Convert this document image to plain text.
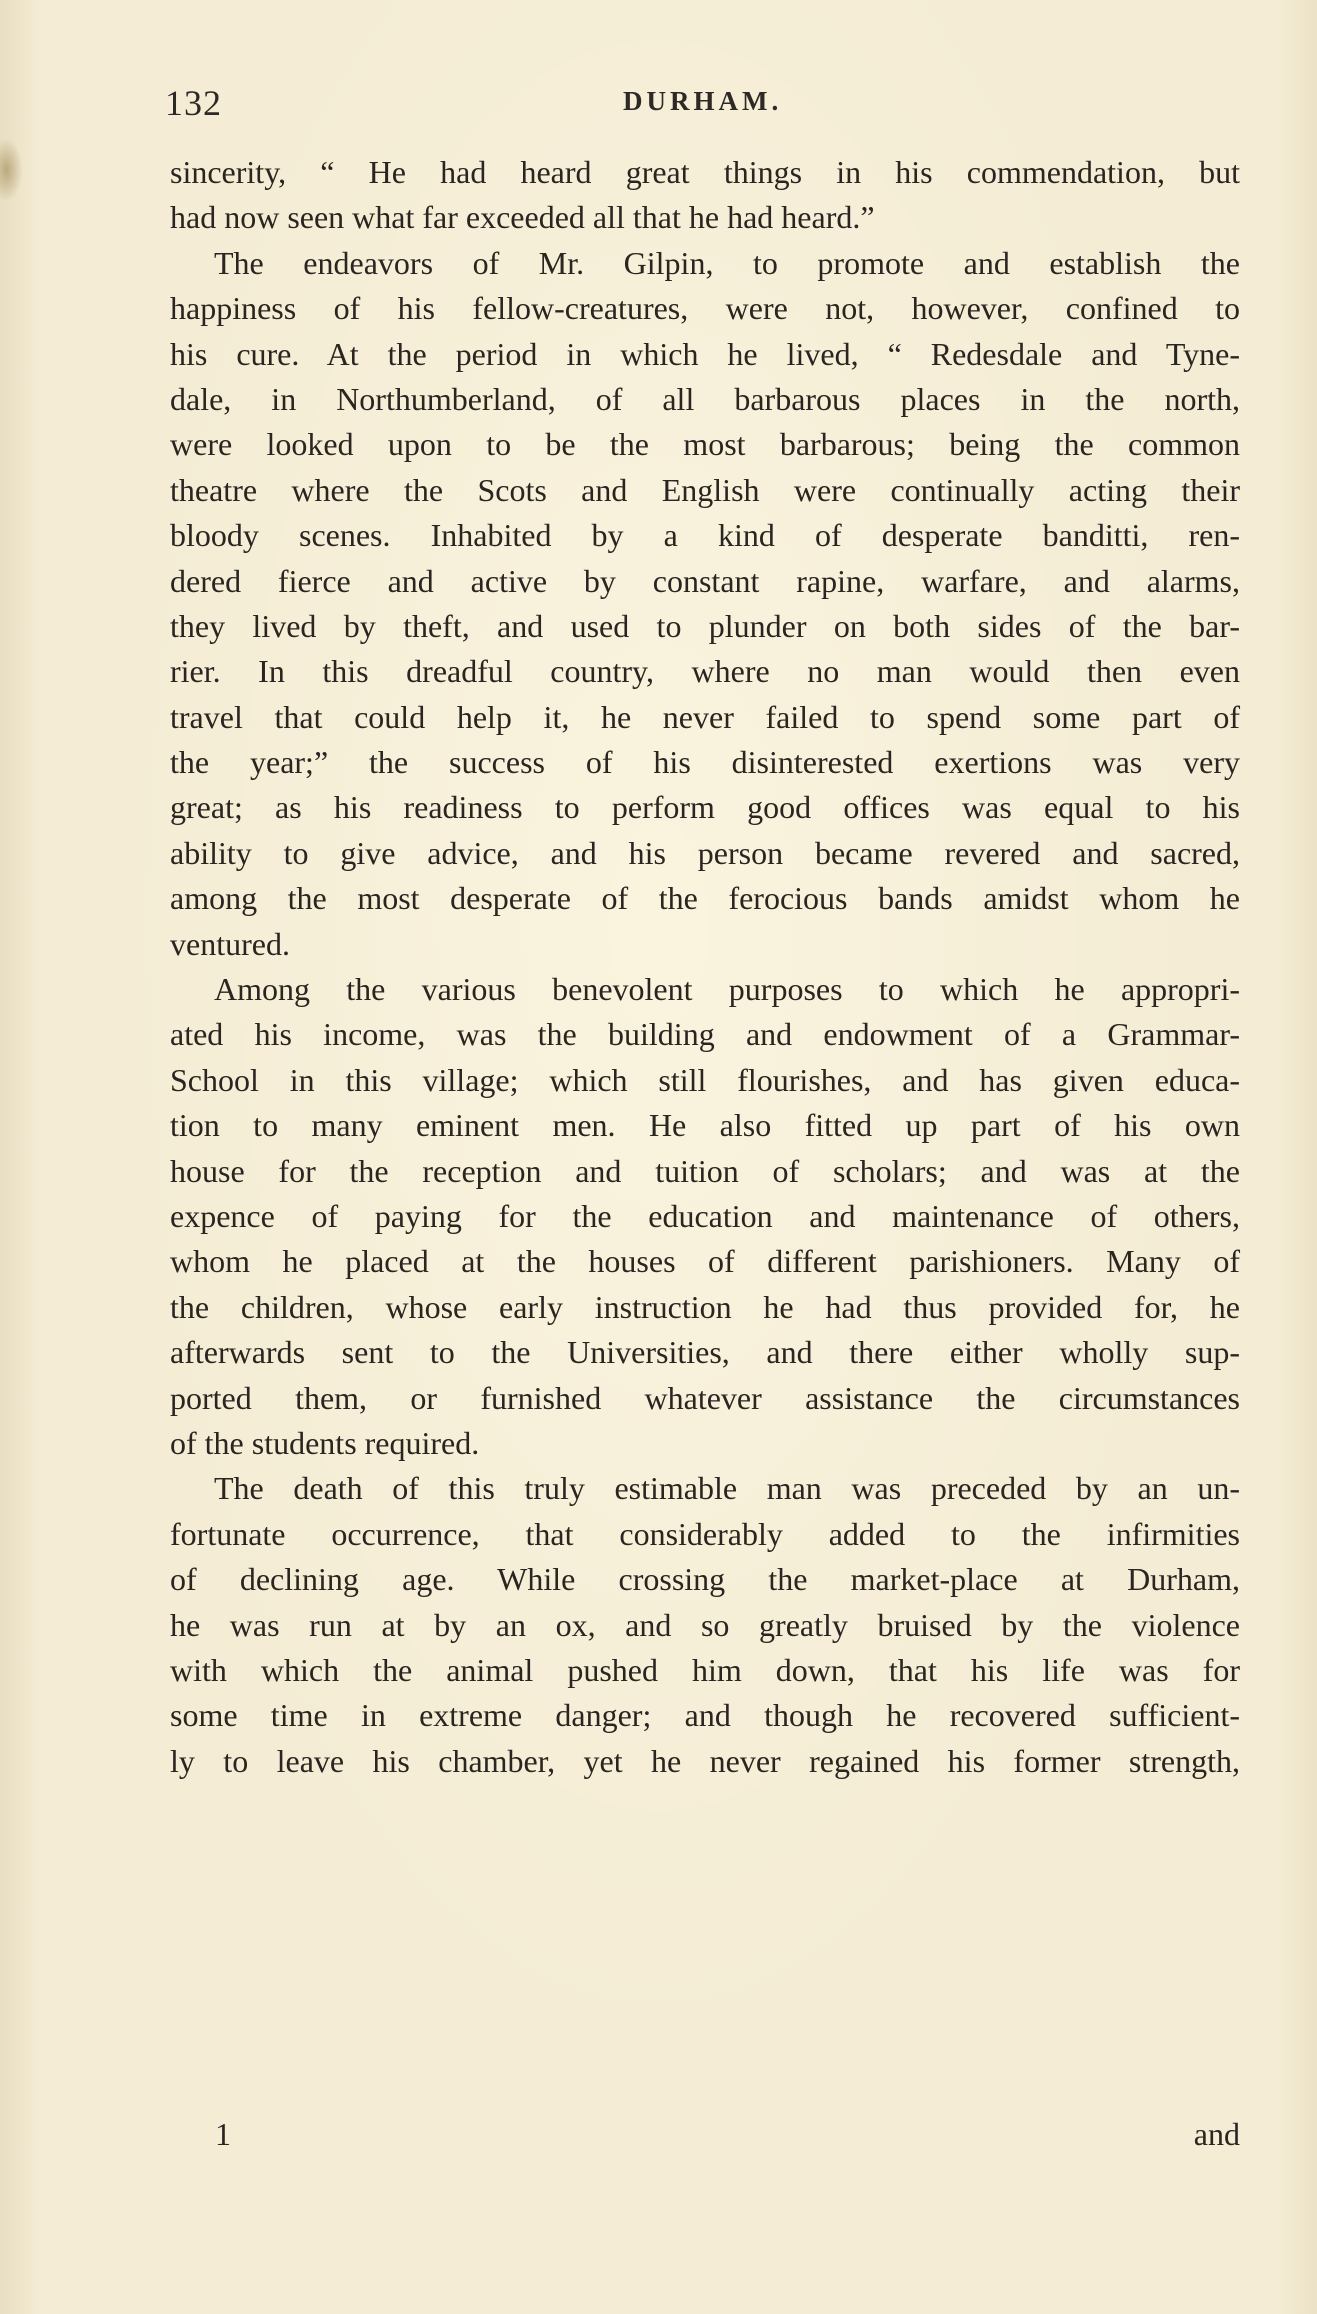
132	DURHAM.
sincerity, “ He had heard great things in his commendation, but
had now seen what far exceeded all that he had heard.”
The endeavors of Mr. Gilpin, to promote and establish the
happiness of his fellow-creatures, were not, however, confined to
his cure. At the period in which he lived, “ Redesdale and Tyne-
dale, in Northumberland, of all barbarous places in the north,
were looked upon to be the most barbarous; being the common
theatre where the Scots and English were continually acting their
bloody scenes. Inhabited by a kind of desperate banditti, ren-
dered fierce and active by constant rapine, warfare, and alarms,
they lived by theft, and used to plunder on both sides of the bar-
rier. In this dreadful country, where no man would then even
travel that could help it, he never failed to spend some part of
the year;” the success of his disinterested exertions was very
great; as his readiness to perform good offices was equal to his
ability to give advice, and his person became revered and sacred,
among the most desperate of the ferocious bands amidst whom he
ventured.
Among the various benevolent purposes to which he appropri-
ated his income, was the building and endowment of a Grammar-
School in this village; which still flourishes, and has given educa-
tion to many eminent men. He also fitted up part of his own
house for the reception and tuition of scholars; and was at the
expence of paying for the education and maintenance of others,
whom he placed at the houses of different parishioners. Many of
the children, whose early instruction he had thus provided for, he
afterwards sent to the Universities, and there either wholly sup-
ported them, or furnished whatever assistance the circumstances
of the students required.
The death of this truly estimable man was preceded by an un-
fortunate occurrence, that considerably added to the infirmities
of declining age. While crossing the market-place at Durham,
he was run at by an ox, and so greatly bruised by the violence
with which the animal pushed him down, that his life was for
some time in extreme danger; and though he recovered sufficient-
ly to leave his chamber, yet he never regained his former strength,
1	and
